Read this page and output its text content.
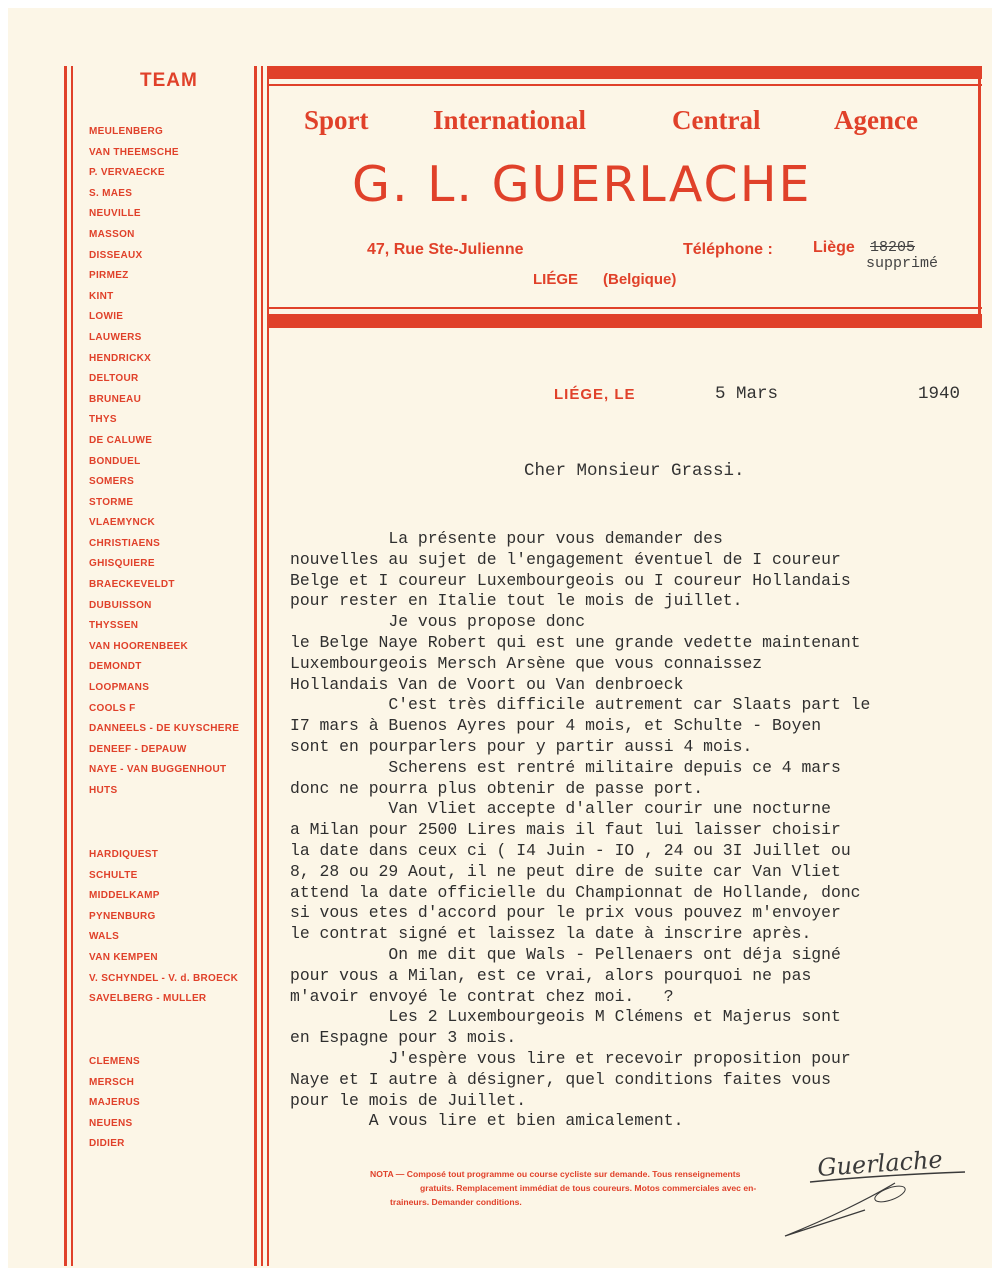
TEAM
MEULENBERG
VAN THEEMSCHE
P. VERVAECKE
S. MAES
NEUVILLE
MASSON
DISSEAUX
PIRMEZ
KINT
LOWIE
LAUWERS
HENDRICKX
DELTOUR
BRUNEAU
THYS
DE CALUWE
BONDUEL
SOMERS
STORME
VLAEMYNCK
CHRISTIAENS
GHISQUIERE
BRAECKEVELDT
DUBUISSON
THYSSEN
VAN HOORENBEEK
DEMONDT
LOOPMANS
COOLS F
DANNEELS - DE KUYSCHERE
DENEEF - DEPAUW
NAYE - VAN BUGGENHOUT
HUTS
HARDIQUEST
SCHULTE
MIDDELKAMP
PYNENBURG
WALS
VAN KEMPEN
V. SCHYNDEL - V. d. BROECK
SAVELBERG - MULLER
CLEMENS
MERSCH
MAJERUS
NEUENS
DIDIER
Sport International	Central	Agence
G. L. GUERLACHE
47, Rue Ste-Julienne	Téléphone :	Liège 18205
supprimé
LIÉGE (Belgique)
LIÉGE, LE	5 Mars	1940
Cher Monsieur Grassi.
La présente pour vous demander des
nouvelles au sujet de l'engagement éventuel de I coureur
Belge et I coureur Luxembourgeois ou I coureur Hollandais
pour rester en Italie tout le mois de juillet.
Je vous propose donc
le Belge Naye Robert qui est une grande vedette maintenant
Luxembourgeois Mersch Arsène que vous connaissez
Hollandais Van de Voort ou Van denbroeck
C'est très difficile autrement car Slaats part le
I7 mars à Buenos Ayres pour 4 mois, et Schulte - Boyen
sont en pourparlers pour y partir aussi 4 mois.
Scherens est rentré militaire depuis ce 4 mars
donc ne pourra plus obtenir de passe port.
Van Vliet accepte d'aller courir une nocturne
a Milan pour 2500 Lires mais il faut lui laisser choisir
la date dans ceux ci ( I4 Juin - IO , 24 ou 3I Juillet ou
8, 28 ou 29 Aout, il ne peut dire de suite car Van Vliet
attend la date officielle du Championnat de Hollande, donc
si vous etes d'accord pour le prix vous pouvez m'envoyer
le contrat signé et laissez la date à inscrire après.
On me dit que Wals - Pellenaers ont déja signé
pour vous a Milan, est ce vrai, alors pourquoi ne pas
m'avoir envoyé le contrat chez moi.   ?
Les 2 Luxembourgeois M Clémens et Majerus sont
en Espagne pour 3 mois.
J'espère vous lire et recevoir proposition pour
Naye et I autre à désigner, quel conditions faites vous
pour le mois de Juillet.
A vous lire et bien amicalement.
Guerlache
NOTA — Composé tout programme ou course cycliste sur demande. Tous renseignements
gratuits. Remplacement immédiat de tous coureurs. Motos commerciales avec en-
traineurs. Demander conditions.
